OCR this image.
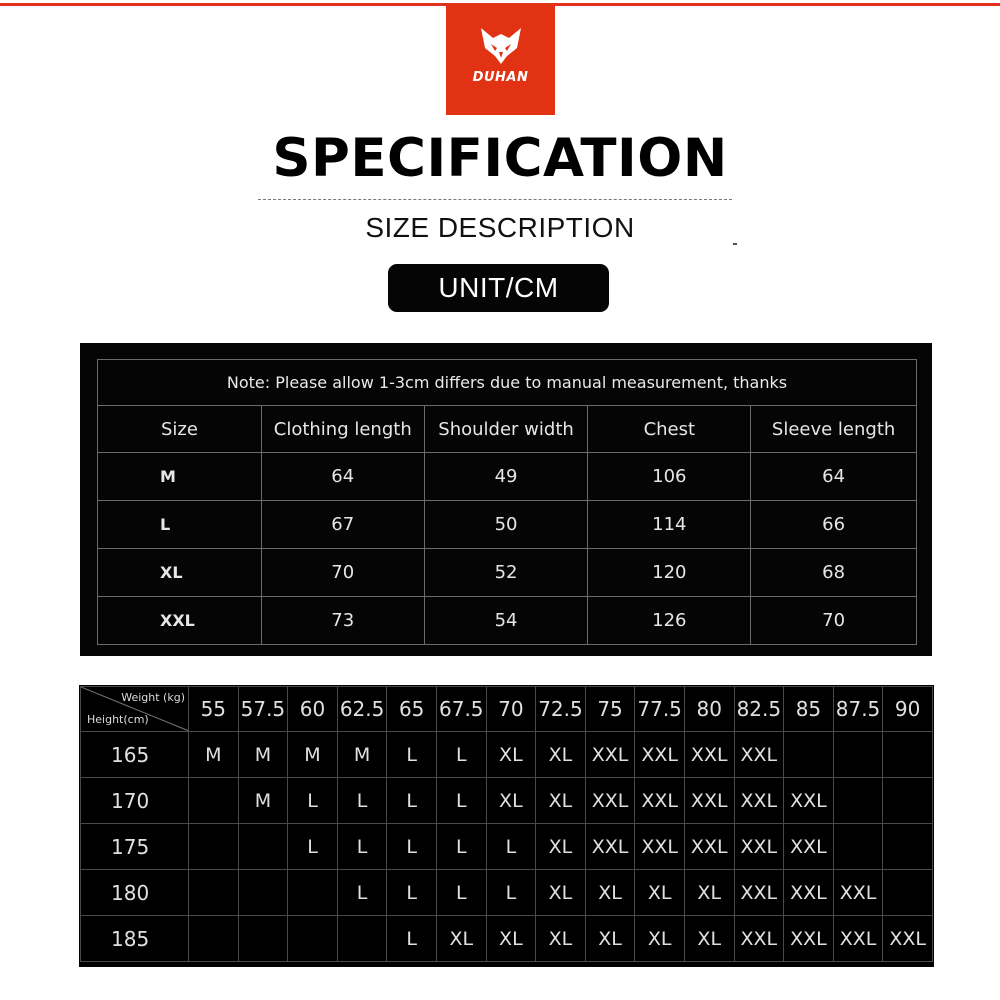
DUHAN
SPECIFICATION
SIZE DESCRIPTION
UNIT/CM
Note: Please allow 1-3cm differs due to manual measurement, thanks				
Size	Clothing length	Shoulder width	Chest	Sleeve length
M	64	49	106	64
L	67	50	114	66
XL	70	52	120	68
XXL	73	54	126	70
Weight (kg)
Height(cm)	55	57.5	60	62.5	65	67.5	70	72.5	75	77.5	80	82.5	85	87.5	90
165	M	M	M	M	L	L	XL	XL	XXL	XXL	XXL	XXL			
170		M	L	L	L	L	XL	XL	XXL	XXL	XXL	XXL	XXL		
175			L	L	L	L	L	XL	XXL	XXL	XXL	XXL	XXL		
180				L	L	L	L	XL	XL	XL	XL	XXL	XXL	XXL	
185					L	XL	XL	XL	XL	XL	XL	XXL	XXL	XXL	XXL
